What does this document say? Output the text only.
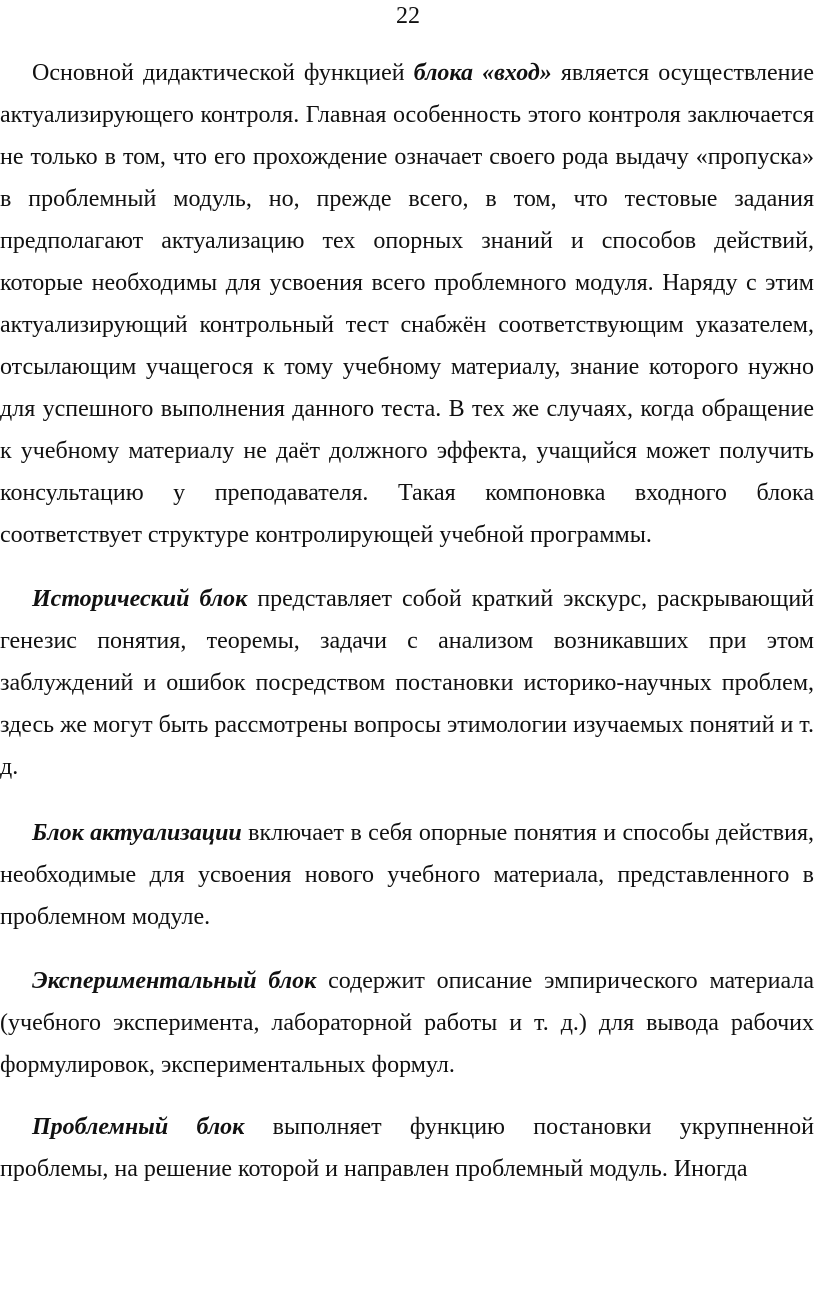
22

Основной дидактической функцией блока «вход» является осуществление актуализирующего контроля. Главная особенность этого контроля заключается не только в том, что его прохождение означает своего рода выдачу «пропуска» в проблемный модуль, но, прежде всего, в том, что тестовые задания предполагают актуализацию тех опорных знаний и способов действий, которые необходимы для усвоения всего проблемного модуля. Наряду с этим актуализирующий контрольный тест снабжён соответствующим указателем, отсылающим учащегося к тому учебному материалу, знание которого нужно для успешного выполнения данного теста. В тех же случаях, когда обращение к учебному материалу не даёт должного эффекта, учащийся может получить консультацию у преподавателя. Такая компоновка входного блока соответствует структуре контролирующей учебной программы.

Исторический блок представляет собой краткий экскурс, раскрывающий генезис понятия, теоремы, задачи с анализом возникавших при этом заблуждений и ошибок посредством постановки историко-научных проблем, здесь же могут быть рассмотрены вопросы этимологии изучаемых понятий и т. д.

Блок актуализации включает в себя опорные понятия и способы действия, необходимые для усвоения нового учебного материала, представленного в проблемном модуле.

Экспериментальный блок содержит описание эмпирического материала (учебного эксперимента, лабораторной работы и т. д.) для вывода рабочих формулировок, экспериментальных формул.

Проблемный блок выполняет функцию постановки укрупненной проблемы, на решение которой и направлен проблемный модуль. Иногда
